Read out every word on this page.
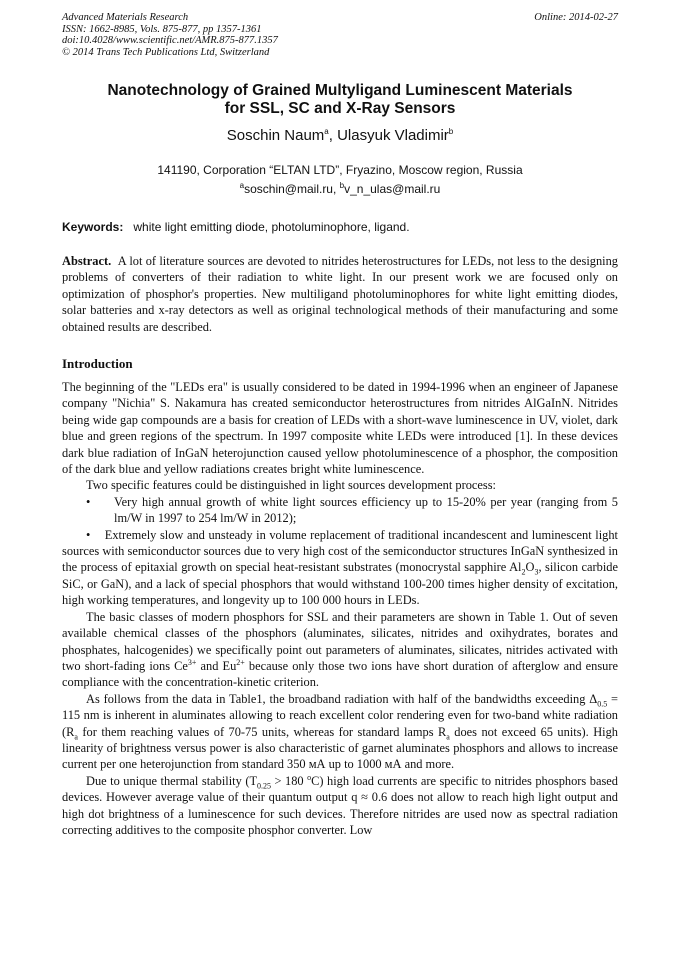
Advanced Materials Research
ISSN: 1662-8985, Vols. 875-877, pp 1357-1361
doi:10.4028/www.scientific.net/AMR.875-877.1357
© 2014 Trans Tech Publications Ltd, Switzerland
Online: 2014-02-27
Nanotechnology of Grained Multyligand Luminescent Materials
for SSL, SC and X-Ray Sensors
Soschin Naum$^a$, Ulasyuk Vladimir$^b$
141190, Corporation “ELTAN LTD”, Fryazino, Moscow region, Russia
$^a$soschin@mail.ru, $^b$v_n_ulas@mail.ru
Keywords: white light emitting diode, photoluminophore, ligand.

Abstract. A lot of literature sources are devoted to nitrides heterostructures for LEDs, not less to the designing problems of converters of their radiation to white light. In our present work we are focused only on optimization of phosphor's properties. New multiligand photoluminophores for white light emitting diodes, solar batteries and x-ray detectors as well as original technological methods of their manufacturing and some obtained results are described.

Introduction

The beginning of the "LEDs era" is usually considered to be dated in 1994-1996 when an engineer of Japanese company "Nichia" S. Nakamura has created semiconductor heterostructures from nitrides AlGaInN. Nitrides being wide gap compounds are a basis for creation of LEDs with a short-wave luminescence in UV, violet, dark blue and green regions of the spectrum. In 1997 composite white LEDs were introduced [1]. In these devices dark blue radiation of InGaN heterojunction caused yellow photoluminescence of a phosphor, the composition of the dark blue and yellow radiations creates bright white luminescence.

Two specific features could be distinguished in light sources development process:

•	Very high annual growth of white light sources efficiency up to 15-20% per year (ranging from 5 lm/W in 1997 to 254 lm/W in 2012);

• Extremely slow and unsteady in volume replacement of traditional incandescent and luminescent light sources with semiconductor sources due to very high cost of the semiconductor structures InGaN synthesized in the process of epitaxial growth on special heat-resistant substrates (monocrystal sapphire $Al_2O_3$, silicon carbide SiC, or GaN), and a lack of special phosphors that would withstand 100-200 times higher density of excitation, high working temperatures, and longevity up to 100 000 hours in LEDs.

The basic classes of modern phosphors for SSL and their parameters are shown in Table 1. Out of seven available chemical classes of the phosphors (aluminates, silicates, nitrides and oxihydrates, borates and phosphates, halcogenides) we specifically point out parameters of aluminates, silicates, nitrides activated with two short-fading ions $Ce^{3+}$ and $Eu^{2+}$ because only those two ions have short duration of afterglow and ensure compliance with the concentration-kinetic criterion.

As follows from the data in Table1, the broadband radiation with half of the bandwidths exceeding $\Delta_{0.5} = 115$ nm is inherent in aluminates allowing to reach excellent color rendering even for two-band white radiation ($R_a$ for them reaching values of 70-75 units, whereas for standard lamps $R_a$ does not exceed 65 units). High linearity of brightness versus power is also characteristic of garnet aluminates phosphors and allows to increase current per one heterojunction from standard 350 мА up to 1000 мА and more.

Due to unique thermal stability ($T_{0.25} > 180$ $^o$C) high load currents are specific to nitrides phosphors based devices. However average value of their quantum output q ≈ 0.6 does not allow to reach high light output and high dot brightness of a luminescence for such devices. Therefore nitrides are used now as spectral radiation correcting additives to the composite phosphor converter. Low
